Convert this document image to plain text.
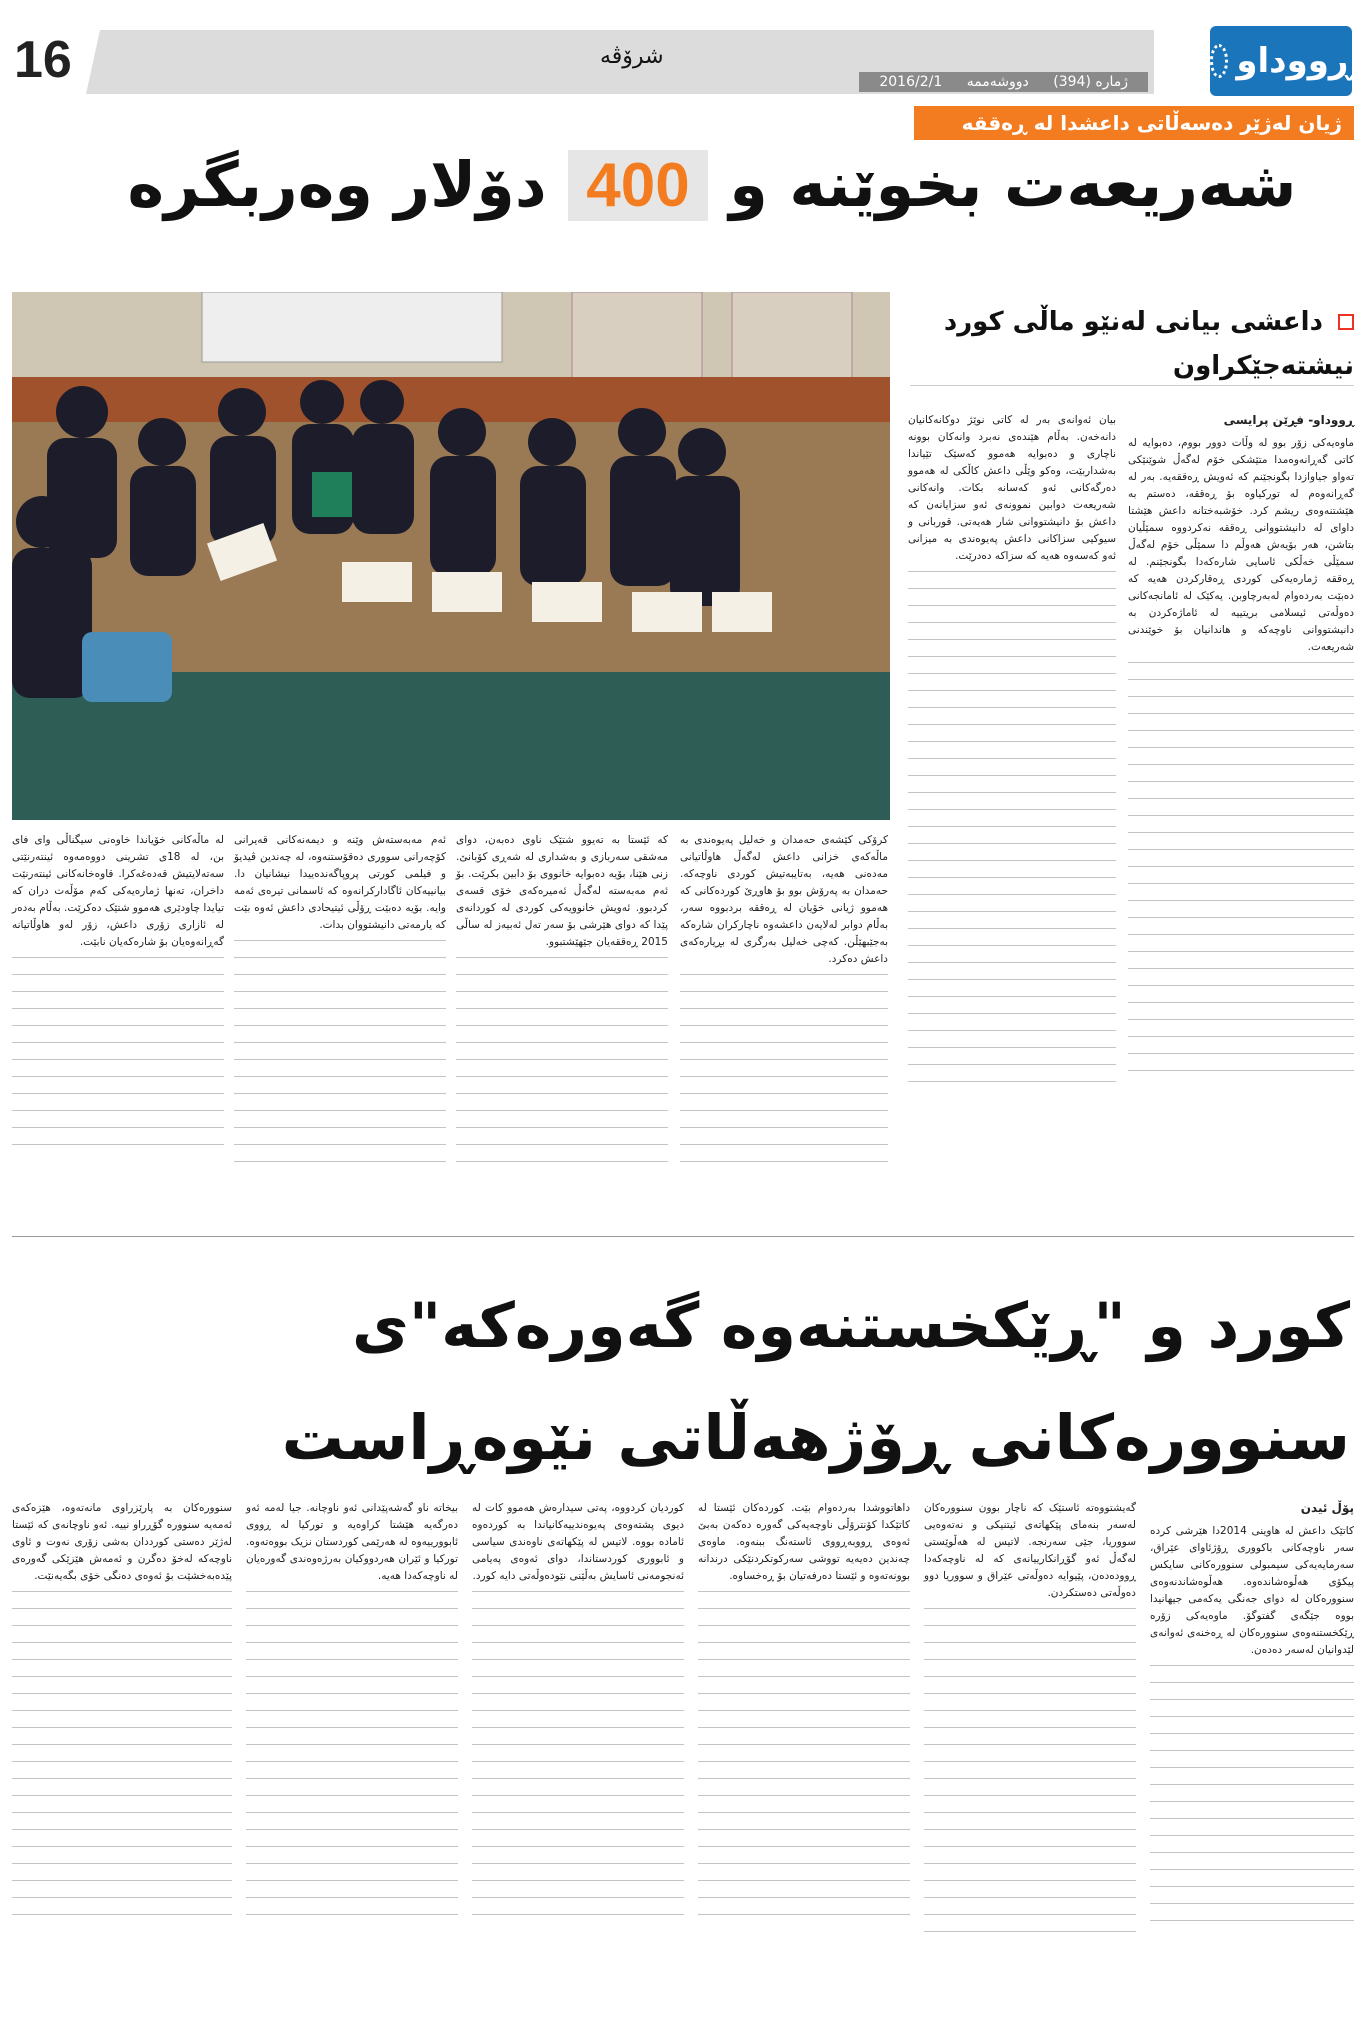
16	شرۆڤە
ژمارە (394) دووشەممە 2016/2/1
ڕووداو
ژیان لەژێر دەسەڵاتی داعشدا لە ڕەققە
شەریعەت بخوێنە و 400 دۆلار وەربگرە
داعشی بیانی لەنێو ماڵی کورد نیشتەجێکراون
ڕووداو- فڕێن پرایسی

ماوەیەکی زۆر بوو لە وڵات دوور بووم، دەبوایە لە کاتی گەڕانەوەمدا متێشکی خۆم لەگەڵ شوێنێکی تەواو جیاوازدا بگونجێنم کە ئەویش ڕەققەیە. بەر لە گەڕانەوەم لە تورکیاوە بۆ ڕەققە، دەستم بە هێشتنەوەی ریشم کرد. خۆشبەختانە داعش هێشتا داوای لە دانیشتووانی ڕەققە نەکردووە سمێڵیان بتاشن، هەر بۆیەش هەوڵم دا سمێڵی خۆم لەگەڵ سمێڵی خەڵکی ئاسایی شارەکەدا بگونجێنم. لە ڕەققە ژمارەیەکی کوردی ڕەقارکردن هەیە کە دەبێت بەردەوام لەبەرچاوبن. یەکێک لە ئامانجەکانی دەوڵەتی ئیسلامی بریتییە لە ئاماژەکردن بە دانیشتووانی ناوچەکە و هاندانیان بۆ خوێندنی شەریعەت.

بیان ئەوانەی بەر لە کاتی نوێژ دوکانەکانیان دانەخەن. بەڵام هێندەی نەبرد وانەکان بوونە ناچاری و دەبوایە هەموو کەسێک تێیاندا بەشداربێت، وەکو وێڵی داعش کاڵکی لە هەموو دەرگەکانی ئەو کەسانە بکات. وانەکانی شەریعەت دوابین نموونەی ئەو سزایانەن کە داعش بۆ دانیشتووانی شار هەیەتی. قوربانی و سیوکیی سزاکانی داعش پەیوەندی بە میزانی ئەو کەسەوە هەیە کە سزاکە دەدرێت.

کرۆکی کێشەی حەمدان و خەلیل پەیوەندی بە ماڵەکەی خزانی داعش لەگەڵ هاوڵاتیانی مەدەنی هەیە، بەتایبەتیش کوردی ناوچەکە. حەمدان بە پەرۆش بوو بۆ هاوڕێ کوردەکانی کە هەموو ژیانی خۆیان لە ڕەققە بردبووە سەر، بەڵام دوابر لەلایەن داعشەوە ناچارکران شارەکە بەجێبهێڵن. کەچی خەلیل بەرگری لە بڕیارەکەی داعش دەکرد.

کە ئێستا بە تەیوو شتێک ناوی دەبەن، دوای مەشقی سەربازی و بەشداری لە شەڕی کۆبانێ. زنی هێنا، بۆیە دەبوایە خانووی بۆ دابین بکرێت. بۆ ئەم مەبەستە لەگەڵ ئەمیرەکەی خۆی قسەی کردبوو. ئەویش خانوویەکی کوردی لە کوردانەی پێدا کە دوای هێرشی بۆ سەر تەل ئەبیەز لە ساڵی 2015 ڕەققەیان جێهێشتبوو.

ئەم مەبەستەش وێنە و دیمەنەکانی قەیرانی کۆچەرانی سووری دەقۆستنەوە، لە چەندین ڤیدیۆ و فیلمی کورتی پروپاگەندەییدا نیشانیان دا. بیانییەکان ئاگادارکرانەوە کە ئاسمانی تیرەی ئەمە وایە. بۆیە دەبێت ڕۆڵی ئیتیحادی داعش ئەوە بێت کە یارمەتی دانیشتووان بدات.

لە ماڵەکانی خۆیاندا خاوەنی سیگناڵی وای فای بن، لە 18ی تشرینی دووەمەوە ئینتەرنێتی سەتەلایتیش قەدەغەکرا. قاوەخانەکانی ئینتەرنێت داخران، تەنها ژمارەیەکی کەم مۆڵەت دران کە تیایدا چاودێری هەموو شتێک دەکرێت. بەڵام بەدەر لە ئازاری زۆری داعش، زۆر لەو هاوڵاتیانە گەڕانەوەیان بۆ شارەکەیان نابێت.

کورد و "ڕێکخستنەوە گەورەکە"ی
سنوورەکانی ڕۆژهەڵاتی نێوەڕاست
پۆڵ ئیدن

کاتێک داعش لە هاوینی 2014دا هێرشی کردە سەر ناوچەکانی باکووری ڕۆژئاوای عێراق، سەرمایەیەکی سیمبولی سنوورەکانی سایکس پیکۆی هەڵوەشاندەوە. هەڵوەشاندنەوەی سنوورەکان لە دوای جەنگی یەکەمی جیهانیدا بووە جێگەی گفتوگۆ. ماوەیەکی زۆرە ڕێکخستنەوەی سنوورەکان لە ڕەخنەی ئەوانەی لێدوانیان لەسەر دەدەن.

گەیشتووەتە ئاستێک کە ناچار بوون سنوورەکان لەسەر بنەمای پێکهاتەی ئیتنیکی و نەتەوەیی سووریا، جێی سەرنجە. لاتیس لە هەڵوێستی لەگەڵ ئەو گۆڕانکارییانەی کە لە ناوچەکەدا ڕوودەدەن، پێیوایە دەوڵەتی عێراق و سووریا دوو دەوڵەتی دەستکردن.

داهاتووشدا بەردەوام بێت. کوردەکان ئێستا لە کاتێکدا کۆنترۆڵی ناوچەیەکی گەورە دەکەن بەبێ ئەوەی ڕووبەڕووی ئاستەنگ ببنەوە. ماوەی چەندین دەیەیە تووشی سەرکوتکردنێکی درندانە بوونەتەوە و ئێستا دەرفەتیان بۆ ڕەخساوە.

کوردیان کردووە، پەتی سیدارەش هەموو کات لە دیوی پشتەوەی پەیوەندییەکانیاندا بە کوردەوە ئامادە بووە. لاتیس لە پێکهاتەی ناوەندی سیاسی و ئابووری کوردستاندا، دوای ئەوەی پەیامی ئەنجومەنی ئاسایش بەڵێنی نێودەوڵەتی دایە کورد.

بیخاتە ناو گەشەپێدانی ئەو ناوچانە. جیا لەمە ئەو دەرگەیە هێشتا کراوەیە و تورکیا لە ڕووی ئابوورییەوە لە هەرێمی کوردستان نزیک بووەتەوە. تورکیا و ئێران هەردووکیان بەرژەوەندی گەورەیان لە ناوچەکەدا هەیە.

سنوورەکان بە پارێزراوی مانەتەوە، هێزەکەی ئەمەیە سنوورە گۆڕراو نییە. ئەو ناوچانەی کە ئێستا لەژێر دەستی کورددان بەشی زۆری نەوت و ئاوی ناوچەکە لەخۆ دەگرن و ئەمەش هێزێکی گەورەی پێدەبەخشێت بۆ ئەوەی دەنگی خۆی بگەیەنێت.
